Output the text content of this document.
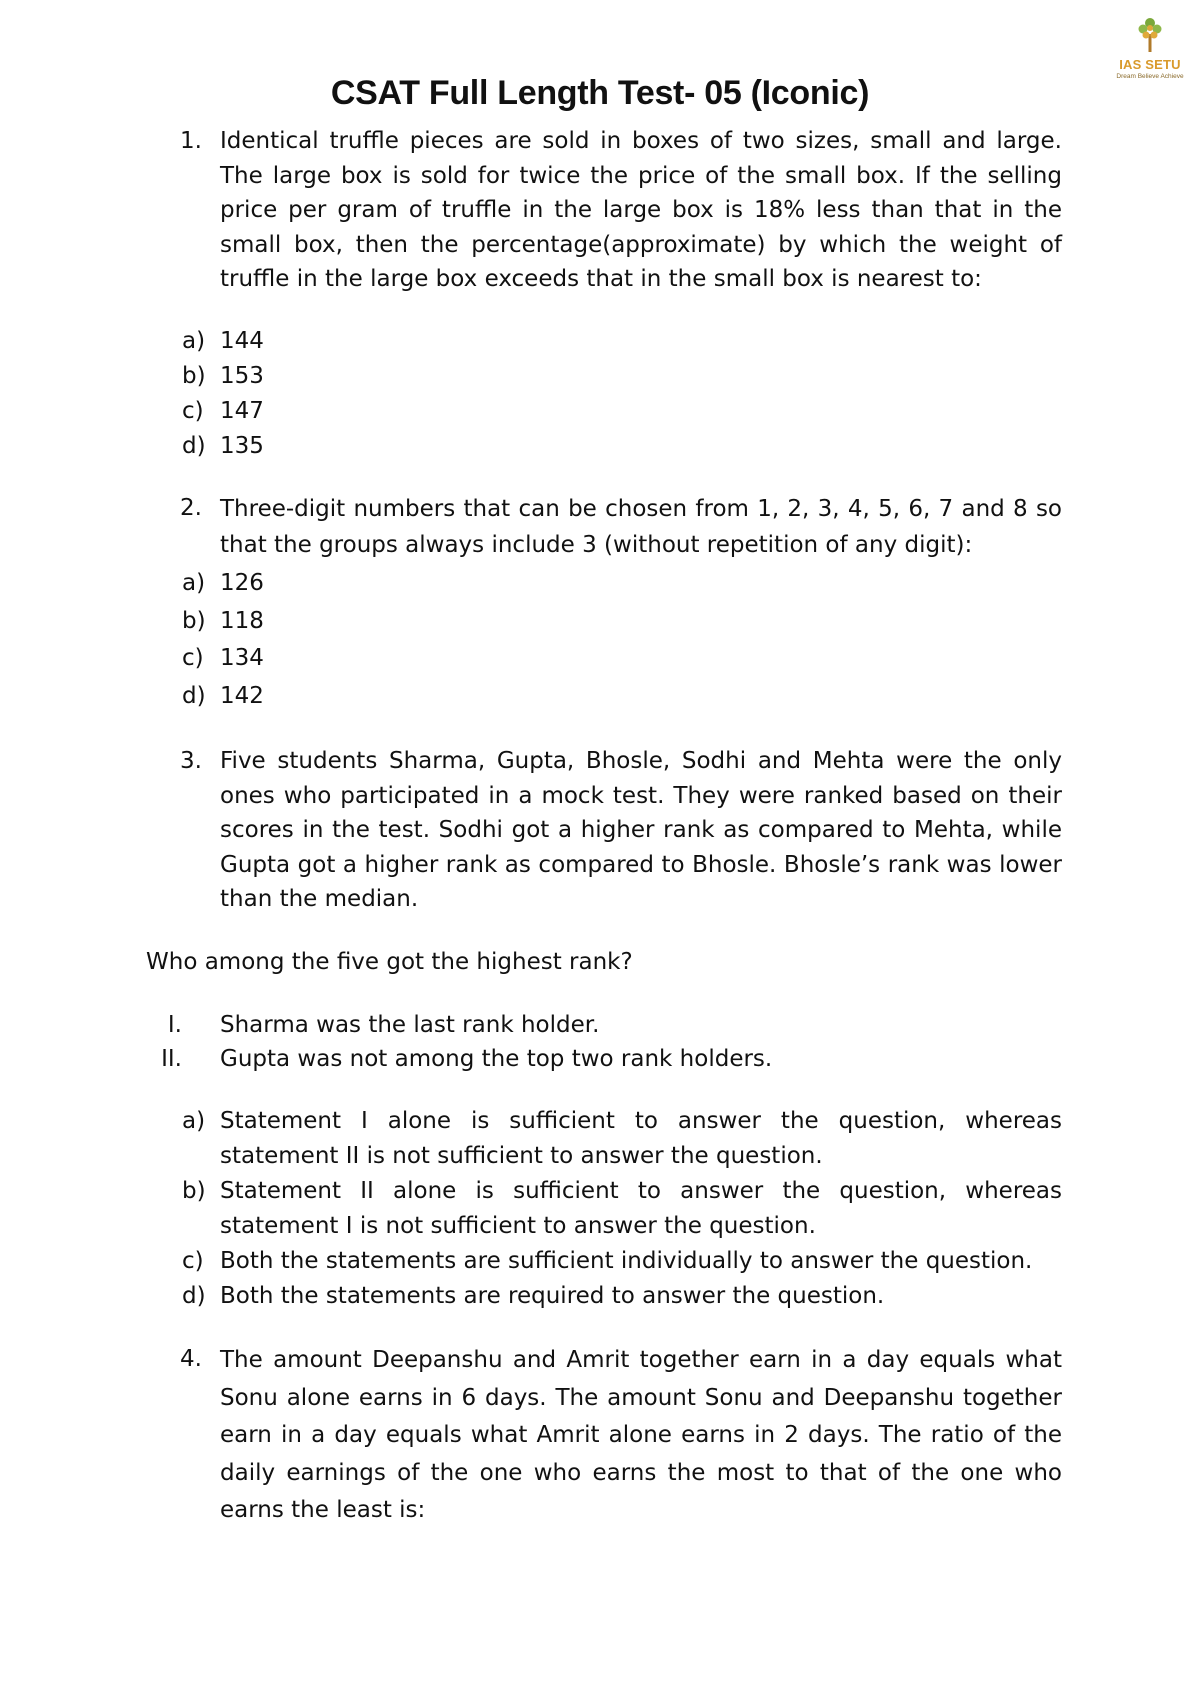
IAS SETU
Dream Believe Achieve
CSAT Full Length Test- 05 (Iconic)
1. Identical truffle pieces are sold in boxes of two sizes, small and large. The large box is sold for twice the price of the small box. If the selling price per gram of truffle in the large box is 18% less than that in the small box, then the percentage(approximate) by which the weight of truffle in the large box exceeds that in the small box is nearest to:
a) 144
b) 153
c) 147
d) 135
2. Three-digit numbers that can be chosen from 1, 2, 3, 4, 5, 6, 7 and 8 so that the groups always include 3 (without repetition of any digit):
a) 126
b) 118
c) 134
d) 142
3. Five students Sharma, Gupta, Bhosle, Sodhi and Mehta were the only ones who participated in a mock test. They were ranked based on their scores in the test. Sodhi got a higher rank as compared to Mehta, while Gupta got a higher rank as compared to Bhosle. Bhosle’s rank was lower than the median.
Who among the five got the highest rank?
I. Sharma was the last rank holder.
II. Gupta was not among the top two rank holders.
a) Statement I alone is sufficient to answer the question, whereas statement II is not sufficient to answer the question.
b) Statement II alone is sufficient to answer the question, whereas statement I is not sufficient to answer the question.
c) Both the statements are sufficient individually to answer the question.
d) Both the statements are required to answer the question.
4. The amount Deepanshu and Amrit together earn in a day equals what Sonu alone earns in 6 days. The amount Sonu and Deepanshu together earn in a day equals what Amrit alone earns in 2 days. The ratio of the daily earnings of the one who earns the most to that of the one who earns the least is:
